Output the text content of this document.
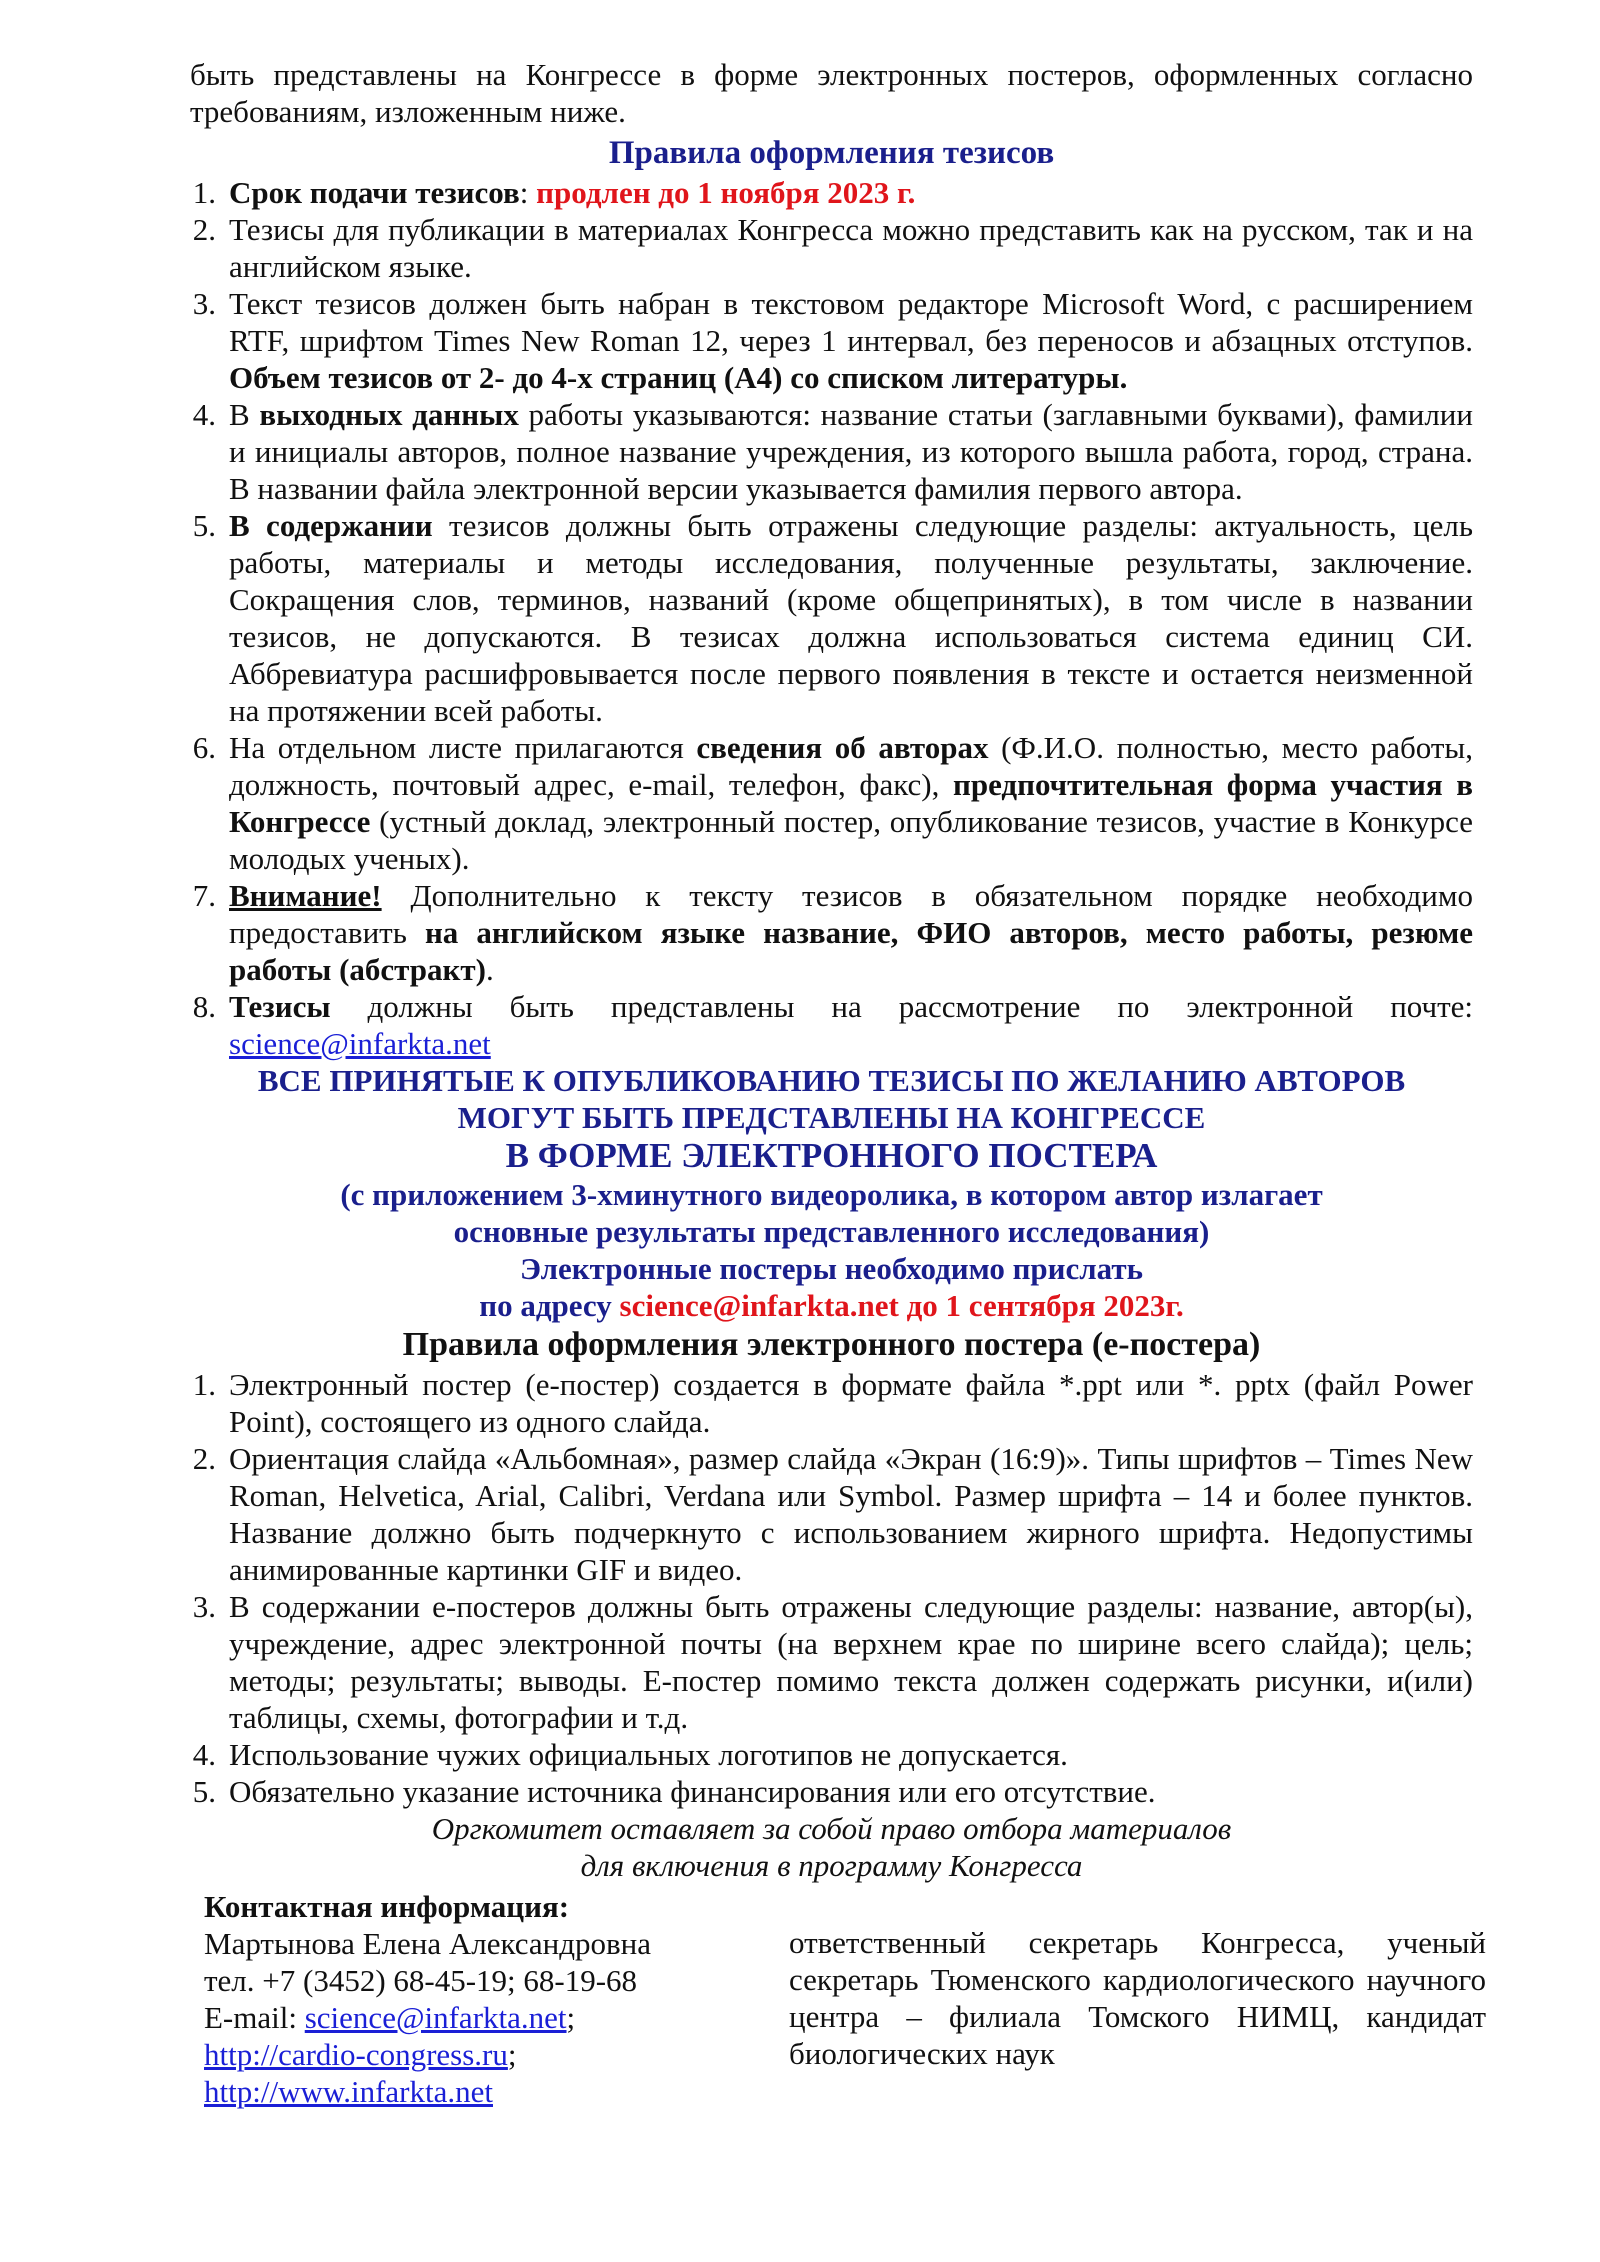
быть представлены на Конгрессе в форме электронных постеров, оформленных согласно требованиям, изложенным ниже.

Правила оформления тезисов

1. Срок подачи тезисов: продлен до 1 ноября 2023 г.
2. Тезисы для публикации в материалах Конгресса можно представить как на русском, так и на английском языке.
3. Текст тезисов должен быть набран в текстовом редакторе Microsoft Word, с расширением RTF, шрифтом Times New Roman 12, через 1 интервал, без переносов и абзацных отступов. Объем тезисов от 2- до 4-х страниц (А4) со списком литературы.
4. В выходных данных работы указываются: название статьи (заглавными буквами), фамилии и инициалы авторов, полное название учреждения, из которого вышла работа, город, страна. В названии файла электронной версии указывается фамилия первого автора.
5. В содержании тезисов должны быть отражены следующие разделы: актуальность, цель работы, материалы и методы исследования, полученные результаты, заключение. Сокращения слов, терминов, названий (кроме общепринятых), в том числе в названии тезисов, не допускаются. В тезисах должна использоваться система единиц СИ. Аббревиатура расшифровывается после первого появления в тексте и остается неизменной на протяжении всей работы.
6. На отдельном листе прилагаются сведения об авторах (Ф.И.О. полностью, место работы, должность, почтовый адрес, e-mail, телефон, факс), предпочтительная форма участия в Конгрессе (устный доклад, электронный постер, опубликование тезисов, участие в Конкурсе молодых ученых).
7. Внимание! Дополнительно к тексту тезисов в обязательном порядке необходимо предоставить на английском языке название, ФИО авторов, место работы, резюме работы (абстракт).
8. Тезисы должны быть представлены на рассмотрение по электронной почте: science@infarkta.net

ВСЕ ПРИНЯТЫЕ К ОПУБЛИКОВАНИЮ ТЕЗИСЫ ПО ЖЕЛАНИЮ АВТОРОВ

МОГУТ БЫТЬ ПРЕДСТАВЛЕНЫ НА КОНГРЕССЕ

В ФОРМЕ ЭЛЕКТРОННОГО ПОСТЕРА

(с приложением 3-хминутного видеоролика, в котором автор излагает

основные результаты представленного исследования)

Электронные постеры необходимо прислать

по адресу science@infarkta.net до 1 сентября 2023г.

Правила оформления электронного постера (е-постера)

1. Электронный постер (е-постер) создается в формате файла *.ppt или *. pptx (файл Power Point), состоящего из одного слайда.
2. Ориентация слайда «Альбомная», размер слайда «Экран (16:9)». Типы шрифтов – Times New Roman, Helvetica, Arial, Calibri, Verdana или Symbol. Размер шрифта – 14 и более пунктов. Название должно быть подчеркнуто с использованием жирного шрифта. Недопустимы анимированные картинки GIF и видео.
3. В содержании е-постеров должны быть отражены следующие разделы: название, автор(ы), учреждение, адрес электронной почты (на верхнем крае по ширине всего слайда); цель; методы; результаты; выводы. Е-постер помимо текста должен содержать рисунки, и(или) таблицы, схемы, фотографии и т.д.
4. Использование чужих официальных логотипов не допускается.
5. Обязательно указание источника финансирования или его отсутствие.

Оргкомитет оставляет за собой право отбора материалов

для включения в программу Конгресса

Контактная информация:

Мартынова Елена Александровна

тел. +7 (3452) 68-45-19; 68-19-68

E-mail: science@infarkta.net;

http://cardio-congress.ru;

http://www.infarkta.net

ответственный секретарь Конгресса, ученый секретарь Тюменского кардиологического научного центра – филиала Томского НИМЦ, кандидат биологических наук
